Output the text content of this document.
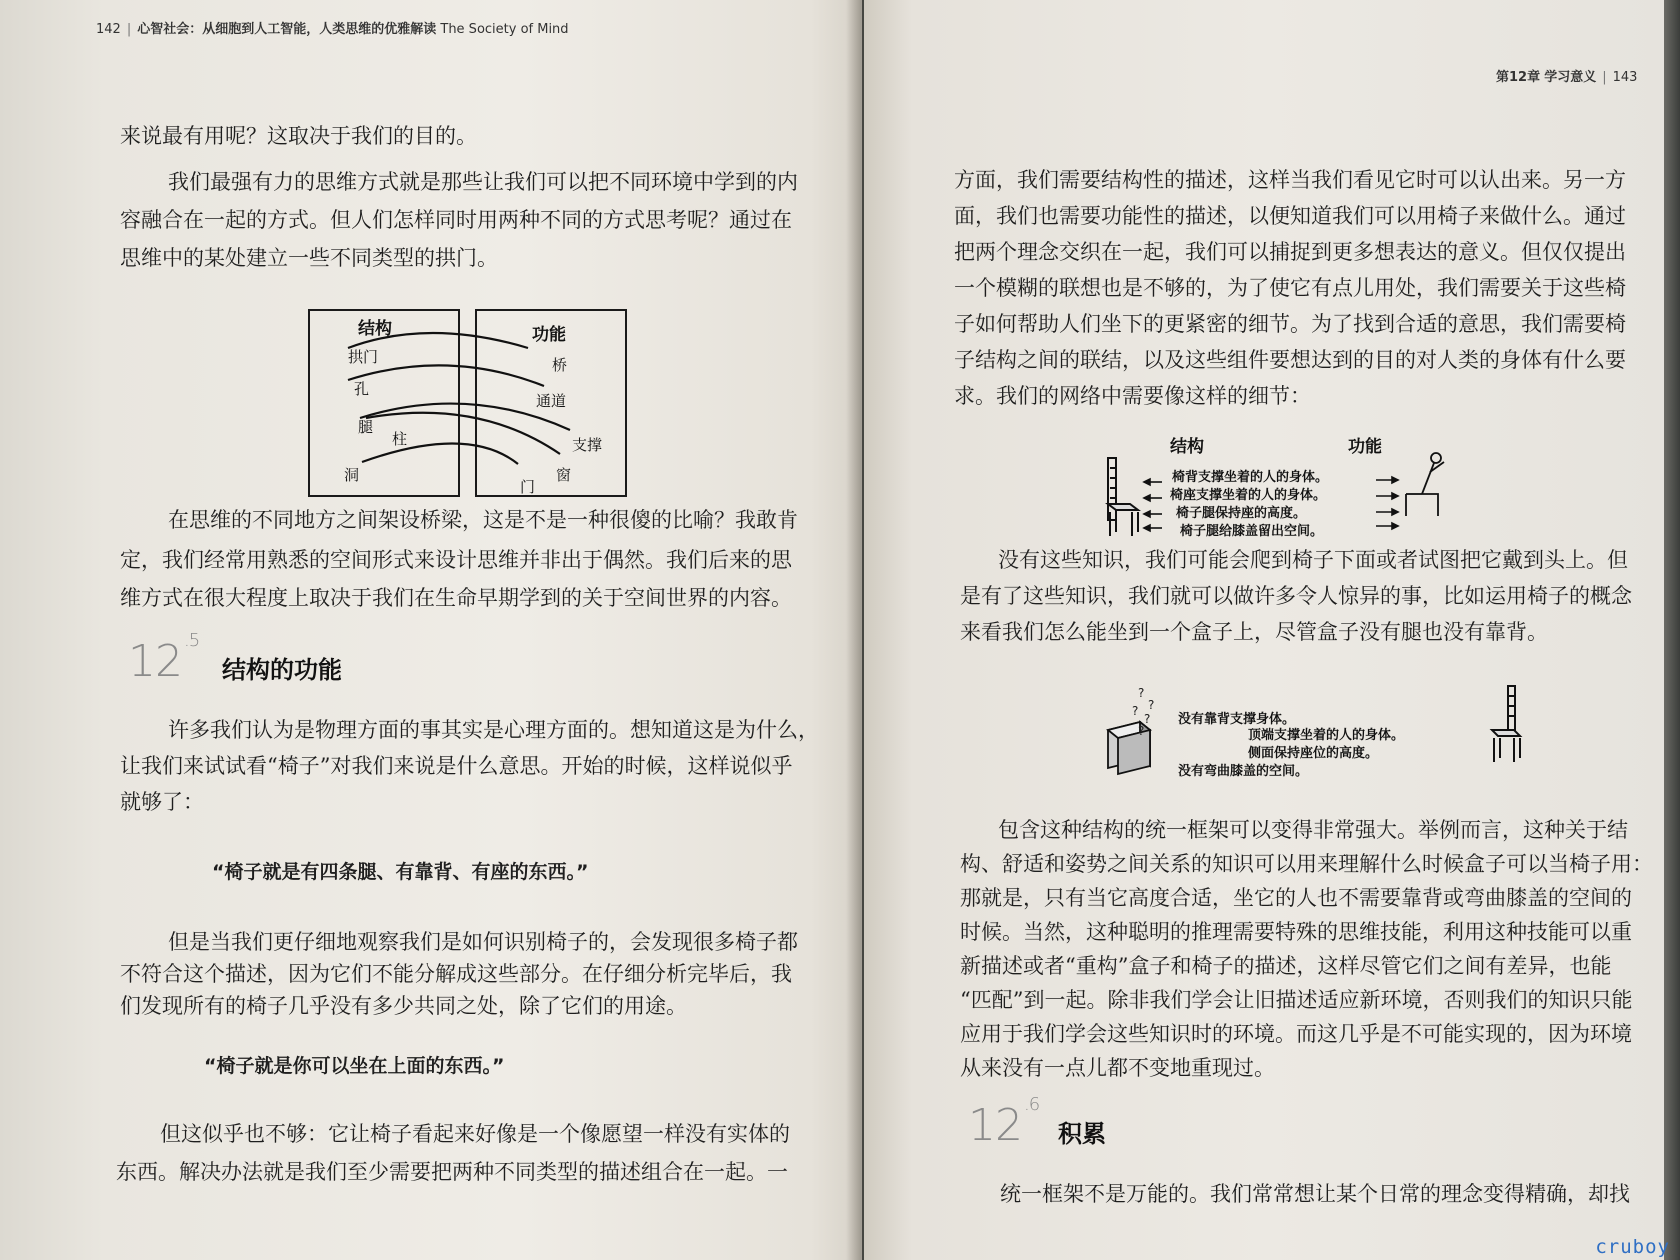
142 | 心智社会：从细胞到人工智能，人类思维的优雅解读 The Society of Mind
来说最有用呢？这取决于我们的目的。
我们最强有力的思维方式就是那些让我们可以把不同环境中学到的内
容融合在一起的方式。但人们怎样同时用两种不同的方式思考呢？通过在
思维中的某处建立一些不同类型的拱门。
结构	功能
拱门
孔
腿
柱
洞
桥
通道
支撑
窗
门
在思维的不同地方之间架设桥梁，这是不是一种很傻的比喻？我敢肯
定，我们经常用熟悉的空间形式来设计思维并非出于偶然。我们后来的思
维方式在很大程度上取决于我们在生命早期学到的关于空间世界的内容。
12 $^{.5}$
结构的功能
许多我们认为是物理方面的事其实是心理方面的。想知道这是为什么，
让我们来试试看“椅子”对我们来说是什么意思。开始的时候，这样说似乎
就够了：
“椅子就是有四条腿、有靠背、有座的东西。”
但是当我们更仔细地观察我们是如何识别椅子的，会发现很多椅子都
不符合这个描述，因为它们不能分解成这些部分。在仔细分析完毕后，我
们发现所有的椅子几乎没有多少共同之处，除了它们的用途。
“椅子就是你可以坐在上面的东西。”
但这似乎也不够：它让椅子看起来好像是一个像愿望一样没有实体的
东西。解决办法就是我们至少需要把两种不同类型的描述组合在一起。一
第12章 学习意义 | 143
方面，我们需要结构性的描述，这样当我们看见它时可以认出来。另一方
面，我们也需要功能性的描述，以便知道我们可以用椅子来做什么。通过
把两个理念交织在一起，我们可以捕捉到更多想表达的意义。但仅仅提出
一个模糊的联想也是不够的，为了使它有点儿用处，我们需要关于这些椅
子如何帮助人们坐下的更紧密的细节。为了找到合适的意思，我们需要椅
子结构之间的联结，以及这些组件要想达到的目的对人类的身体有什么要
求。我们的网络中需要像这样的细节：
结构	功能
椅背支撑坐着的人的身体。
椅座支撑坐着的人的身体。
椅子腿保持座的高度。
椅子腿给膝盖留出空间。
没有这些知识，我们可能会爬到椅子下面或者试图把它戴到头上。但
是有了这些知识，我们就可以做许多令人惊异的事，比如运用椅子的概念
来看我们怎么能坐到一个盒子上，尽管盒子没有腿也没有靠背。
?
?
?
?
?
没有靠背支撑身体。
顶端支撑坐着的人的身体。
侧面保持座位的高度。
没有弯曲膝盖的空间。
包含这种结构的统一框架可以变得非常强大。举例而言，这种关于结
构、舒适和姿势之间关系的知识可以用来理解什么时候盒子可以当椅子用：
那就是，只有当它高度合适，坐它的人也不需要靠背或弯曲膝盖的空间的
时候。当然，这种聪明的推理需要特殊的思维技能，利用这种技能可以重
新描述或者“重构”盒子和椅子的描述，这样尽管它们之间有差异，也能
“匹配”到一起。除非我们学会让旧描述适应新环境，否则我们的知识只能
应用于我们学会这些知识时的环境。而这几乎是不可能实现的，因为环境
从来没有一点儿都不变地重现过。
12 $^{.6}$
积累
统一框架不是万能的。我们常常想让某个日常的理念变得精确，却找
cruboy
